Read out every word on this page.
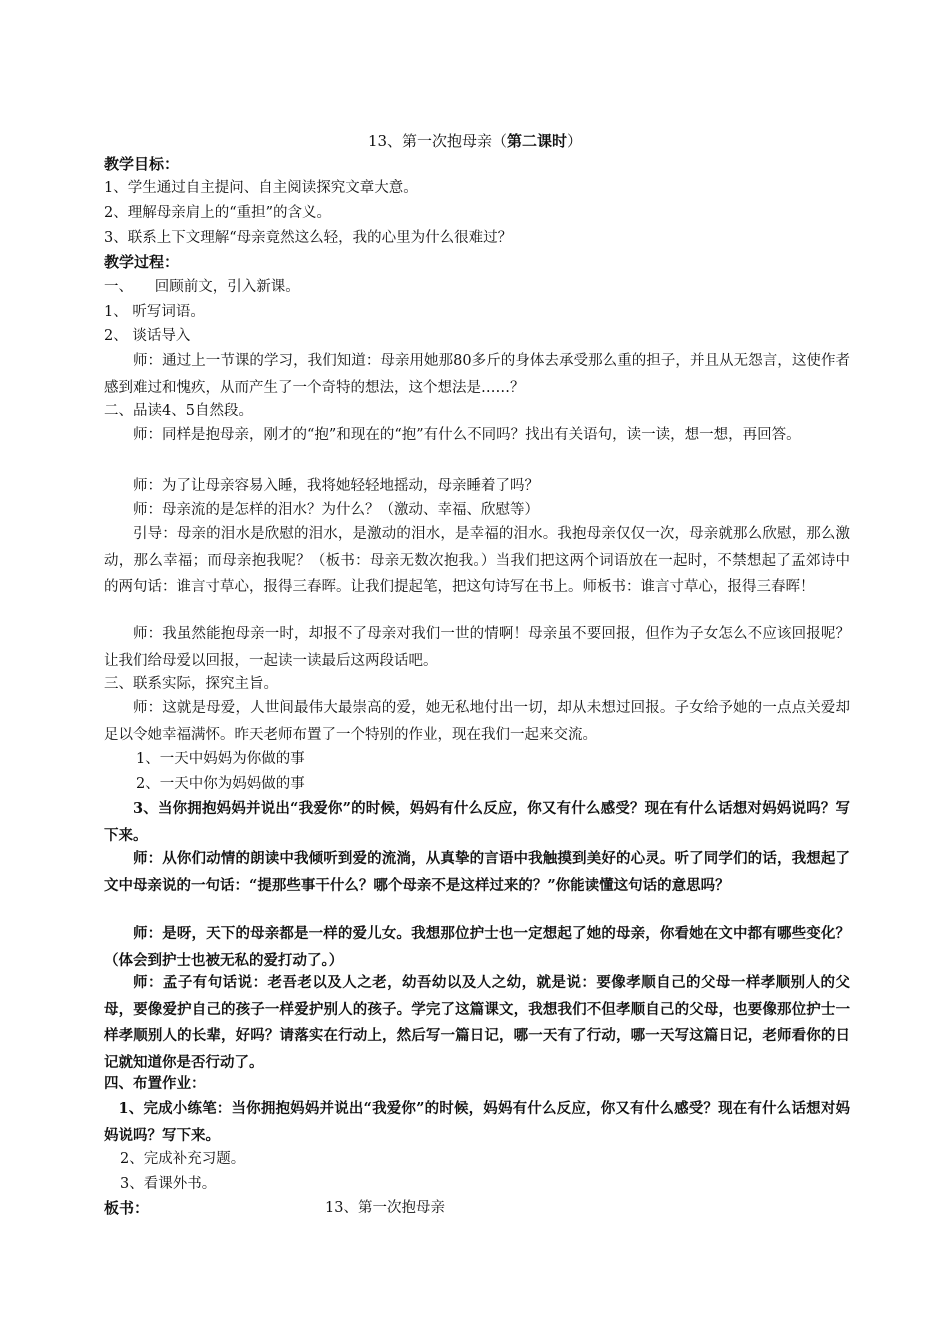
13、第一次抱母亲（第二课时）
教学目标：
1、学生通过自主提问、自主阅读探究文章大意。
2、理解母亲肩上的“重担”的含义。
3、联系上下文理解“母亲竟然这么轻，我的心里为什么很难过？
教学过程：
一、　　回顾前文，引入新课。
1、 听写词语。
2、 谈话导入
师：通过上一节课的学习，我们知道：母亲用她那80多斤的身体去承受那么重的担子，并且从无怨言，这使作者感到难过和愧疚，从而产生了一个奇特的想法，这个想法是……？
二、品读4、5自然段。
师：同样是抱母亲，刚才的“抱”和现在的“抱”有什么不同吗？找出有关语句，读一读，想一想，再回答。
师：为了让母亲容易入睡，我将她轻轻地摇动，母亲睡着了吗？
师：母亲流的是怎样的泪水？为什么？（激动、幸福、欣慰等）
引导：母亲的泪水是欣慰的泪水，是激动的泪水，是幸福的泪水。我抱母亲仅仅一次，母亲就那么欣慰，那么激动，那么幸福；而母亲抱我呢？（板书：母亲无数次抱我。）当我们把这两个词语放在一起时，不禁想起了孟郊诗中的两句话：谁言寸草心，报得三春晖。让我们提起笔，把这句诗写在书上。师板书：谁言寸草心，报得三春晖！
师：我虽然能抱母亲一时，却报不了母亲对我们一世的情啊！母亲虽不要回报，但作为子女怎么不应该回报呢？让我们给母爱以回报，一起读一读最后这两段话吧。
三、联系实际，探究主旨。
师：这就是母爱，人世间最伟大最崇高的爱，她无私地付出一切，却从未想过回报。子女给予她的一点点关爱却足以令她幸福满怀。昨天老师布置了一个特别的作业，现在我们一起来交流。
1、一天中妈妈为你做的事
2、一天中你为妈妈做的事
3、当你拥抱妈妈并说出“我爱你”的时候，妈妈有什么反应，你又有什么感受？现在有什么话想对妈妈说吗？写下来。
师：从你们动情的朗读中我倾听到爱的流淌，从真挚的言语中我触摸到美好的心灵。听了同学们的话，我想起了文中母亲说的一句话：“提那些事干什么？哪个母亲不是这样过来的？”你能读懂这句话的意思吗？
师：是呀，天下的母亲都是一样的爱儿女。我想那位护士也一定想起了她的母亲，你看她在文中都有哪些变化？（体会到护士也被无私的爱打动了。）
师：孟子有句话说：老吾老以及人之老，幼吾幼以及人之幼，就是说：要像孝顺自己的父母一样孝顺别人的父母，要像爱护自己的孩子一样爱护别人的孩子。学完了这篇课文，我想我们不但孝顺自己的父母，也要像那位护士一样孝顺别人的长辈，好吗？请落实在行动上，然后写一篇日记，哪一天有了行动，哪一天写这篇日记，老师看你的日记就知道你是否行动了。
四、布置作业：
1、完成小练笔：当你拥抱妈妈并说出“我爱你”的时候，妈妈有什么反应，你又有什么感受？现在有什么话想对妈妈说吗？写下来。
2、完成补充习题。
3、看课外书。
板书：	13、第一次抱母亲
